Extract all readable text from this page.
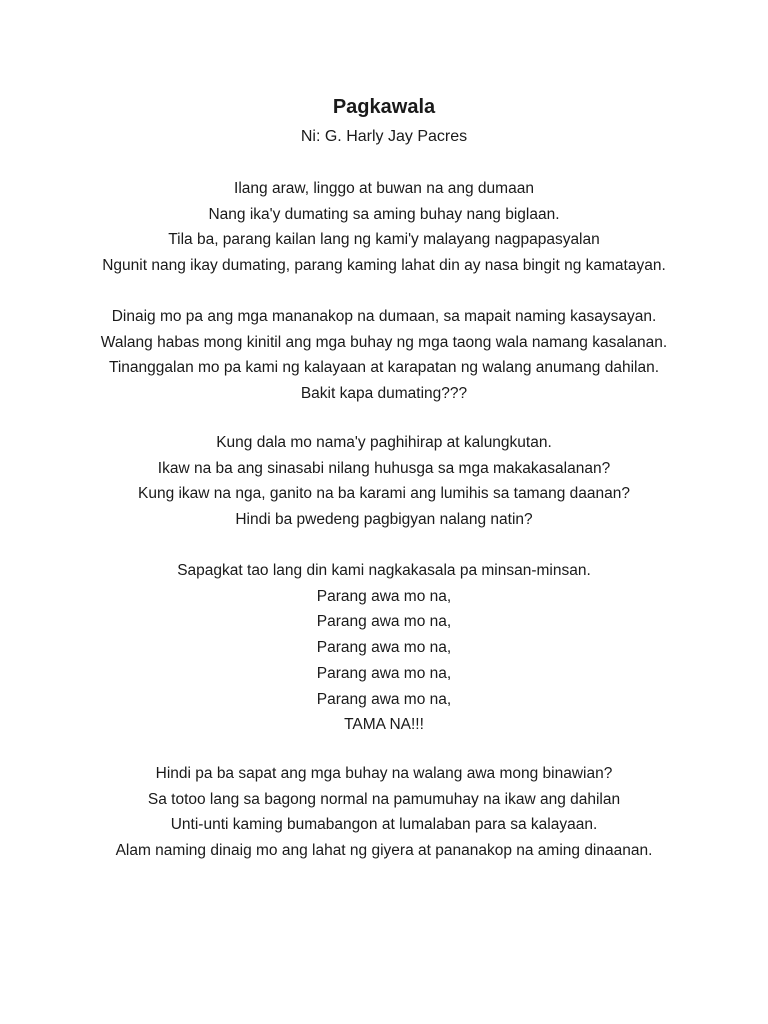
Pagkawala

Ni: G. Harly Jay Pacres

Ilang araw, linggo at buwan na ang dumaan
Nang ika'y dumating sa aming buhay nang biglaan.
Tila ba, parang kailan lang ng kami'y malayang nagpapasyalan
Ngunit nang ikay dumating, parang kaming lahat din ay nasa bingit ng kamatayan.
Dinaig mo pa ang mga mananakop na dumaan, sa mapait naming kasaysayan.
Walang habas mong kinitil ang mga buhay ng mga taong wala namang kasalanan.
Tinanggalan mo pa kami ng kalayaan at karapatan ng walang anumang dahilan.
Bakit kapa dumating???
Kung dala mo nama'y paghihirap at kalungkutan.
Ikaw na ba ang sinasabi nilang huhusga sa mga makakasalanan?
Kung ikaw na nga, ganito na ba karami ang lumihis sa tamang daanan?
Hindi ba pwedeng pagbigyan nalang natin?
Sapagkat tao lang din kami nagkakasala pa minsan-minsan.
Parang awa mo na,
Parang awa mo na,
Parang awa mo na,
Parang awa mo na,
Parang awa mo na,
TAMA NA!!!
Hindi pa ba sapat ang mga buhay na walang awa mong binawian?
Sa totoo lang sa bagong normal na pamumuhay na ikaw ang dahilan
Unti-unti kaming bumabangon at lumalaban para sa kalayaan.
Alam naming dinaig mo ang lahat ng giyera at pananakop na aming dinaanan.
